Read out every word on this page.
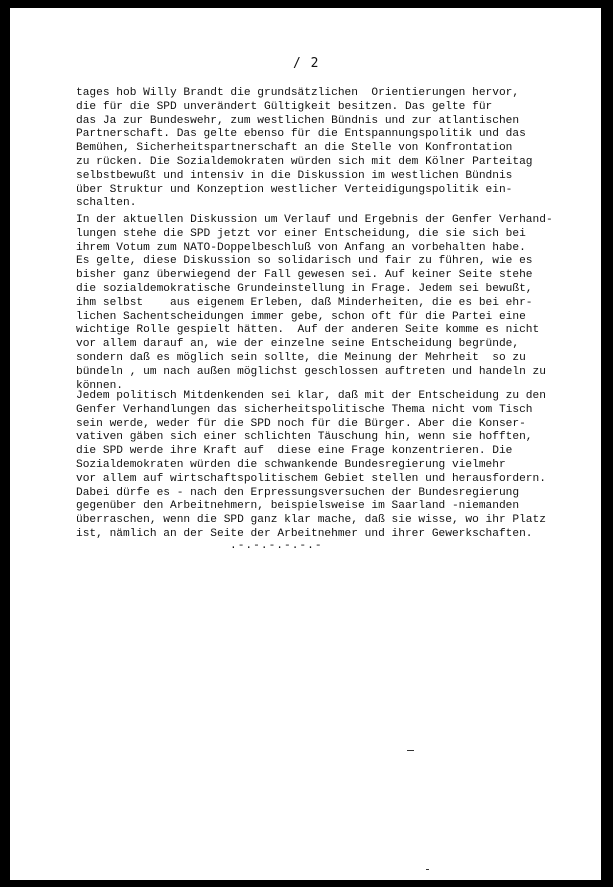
/ 2
tages hob Willy Brandt die grundsätzlichen  Orientierungen hervor,
die für die SPD unverändert Gültigkeit besitzen. Das gelte für
das Ja zur Bundeswehr, zum westlichen Bündnis und zur atlantischen
Partnerschaft. Das gelte ebenso für die Entspannungspolitik und das
Bemühen, Sicherheitspartnerschaft an die Stelle von Konfrontation
zu rücken. Die Sozialdemokraten würden sich mit dem Kölner Parteitag
selbstbewußt und intensiv in die Diskussion im westlichen Bündnis
über Struktur und Konzeption westlicher Verteidigungspolitik ein-
schalten.
In der aktuellen Diskussion um Verlauf und Ergebnis der Genfer Verhand-
lungen stehe die SPD jetzt vor einer Entscheidung, die sie sich bei
ihrem Votum zum NATO-Doppelbeschluß von Anfang an vorbehalten habe.
Es gelte, diese Diskussion so solidarisch und fair zu führen, wie es
bisher ganz überwiegend der Fall gewesen sei. Auf keiner Seite stehe
die sozialdemokratische Grundeinstellung in Frage. Jedem sei bewußt,
ihm selbst    aus eigenem Erleben, daß Minderheiten, die es bei ehr-
lichen Sachentscheidungen immer gebe, schon oft für die Partei eine
wichtige Rolle gespielt hätten.  Auf der anderen Seite komme es nicht
vor allem darauf an, wie der einzelne seine Entscheidung begründe,
sondern daß es möglich sein sollte, die Meinung der Mehrheit  so zu
bündeln , um nach außen möglichst geschlossen auftreten und handeln zu
können.
Jedem politisch Mitdenkenden sei klar, daß mit der Entscheidung zu den
Genfer Verhandlungen das sicherheitspolitische Thema nicht vom Tisch
sein werde, weder für die SPD noch für die Bürger. Aber die Konser-
vativen gäben sich einer schlichten Täuschung hin, wenn sie hofften,
die SPD werde ihre Kraft auf  diese eine Frage konzentrieren. Die
Sozialdemokraten würden die schwankende Bundesregierung vielmehr
vor allem auf wirtschaftspolitischem Gebiet stellen und herausfordern.
Dabei dürfe es - nach den Erpressungsversuchen der Bundesregierung
gegenüber den Arbeitnehmern, beispielsweise im Saarland -niemanden
überraschen, wenn die SPD ganz klar mache, daß sie wisse, wo ihr Platz
ist, nämlich an der Seite der Arbeitnehmer und ihrer Gewerkschaften.
.-.-.-.-.-.-
